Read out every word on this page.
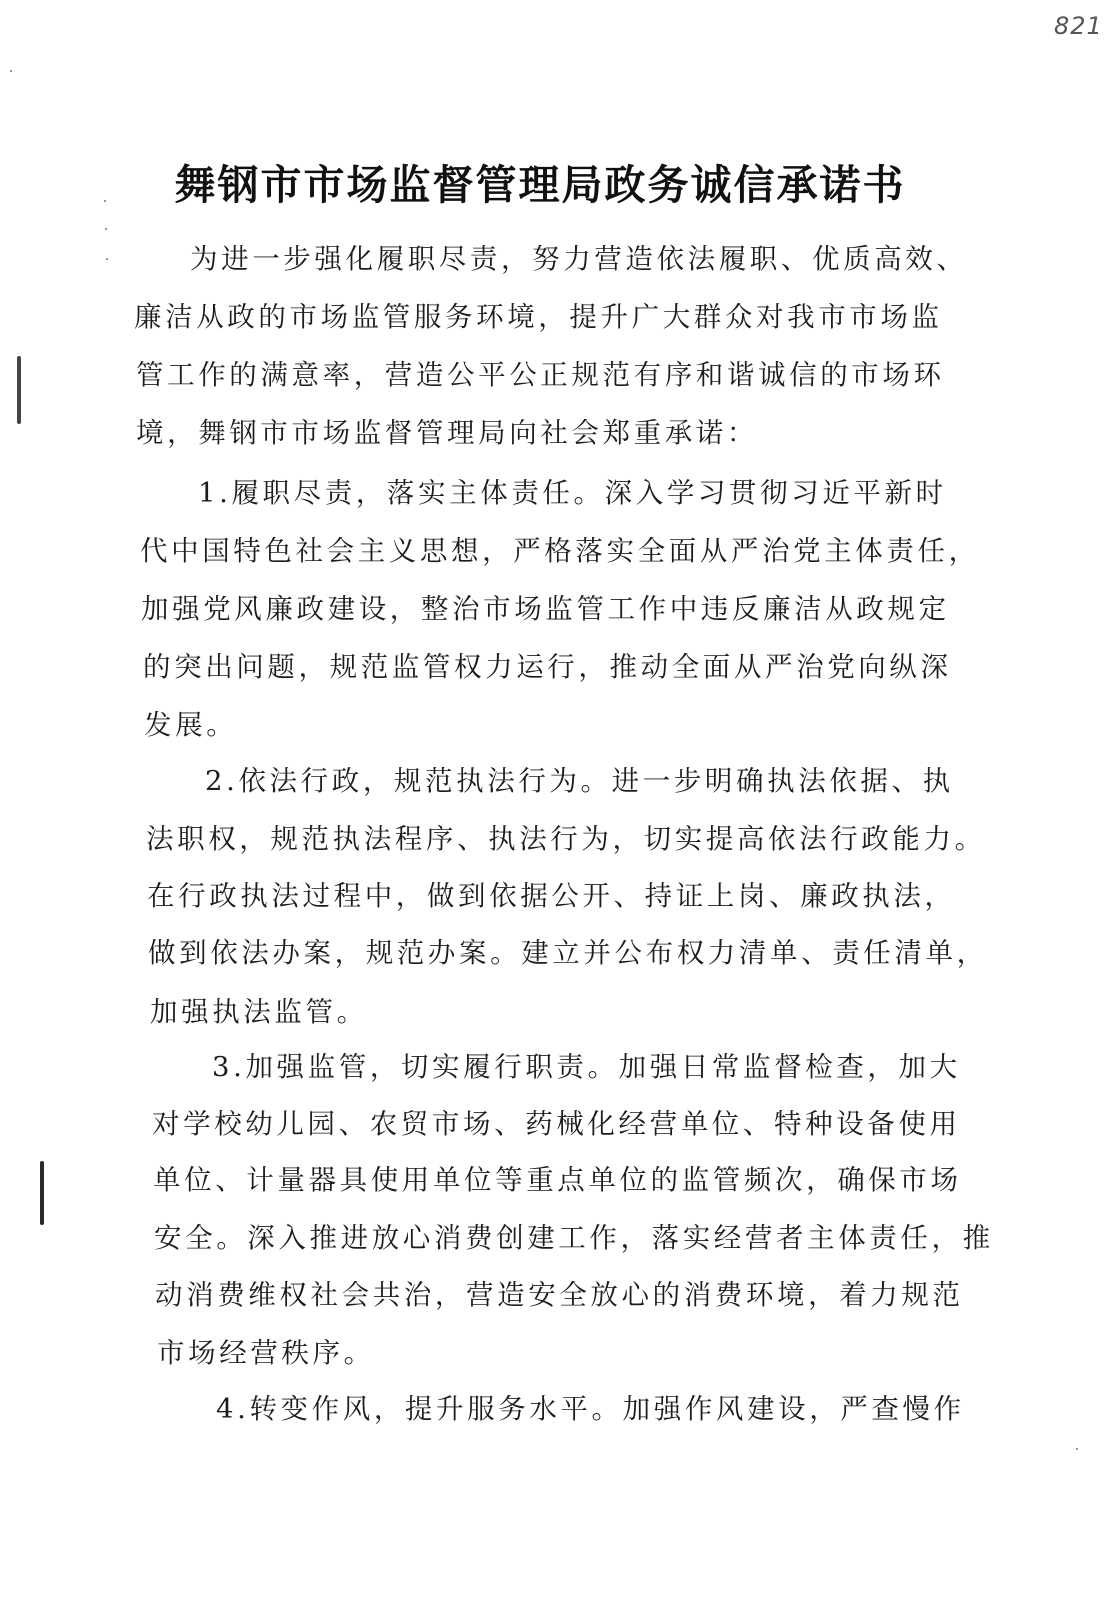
821
舞钢市市场监督管理局政务诚信承诺书
为进一步强化履职尽责，努力营造依法履职、优质高效、
廉洁从政的市场监管服务环境，提升广大群众对我市市场监
管工作的满意率，营造公平公正规范有序和谐诚信的市场环
境，舞钢市市场监督管理局向社会郑重承诺：
1.履职尽责，落实主体责任。深入学习贯彻习近平新时
代中国特色社会主义思想，严格落实全面从严治党主体责任，
加强党风廉政建设，整治市场监管工作中违反廉洁从政规定
的突出问题，规范监管权力运行，推动全面从严治党向纵深
发展。
2.依法行政，规范执法行为。进一步明确执法依据、执
法职权，规范执法程序、执法行为，切实提高依法行政能力。
在行政执法过程中，做到依据公开、持证上岗、廉政执法，
做到依法办案，规范办案。建立并公布权力清单、责任清单，
加强执法监管。
3.加强监管，切实履行职责。加强日常监督检查，加大
对学校幼儿园、农贸市场、药械化经营单位、特种设备使用
单位、计量器具使用单位等重点单位的监管频次，确保市场
安全。深入推进放心消费创建工作，落实经营者主体责任，推
动消费维权社会共治，营造安全放心的消费环境，着力规范
市场经营秩序。
4.转变作风，提升服务水平。加强作风建设，严查慢作
